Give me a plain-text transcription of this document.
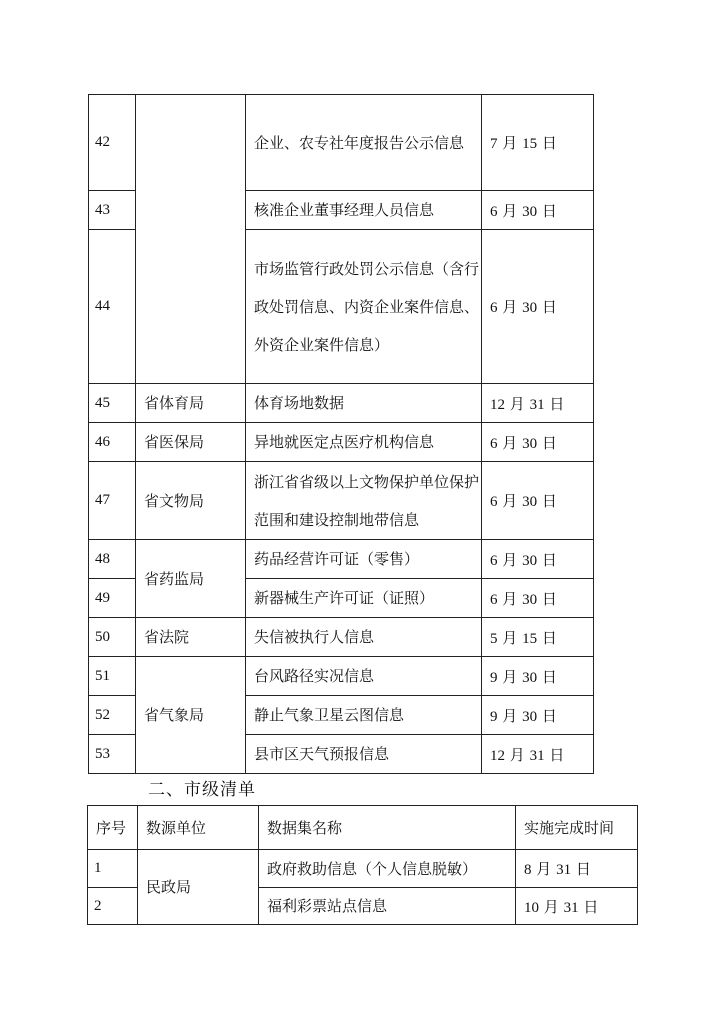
42		企业、农专社年度报告公示信息	7 月 15 日
43		核准企业董事经理人员信息	6 月 30 日
44		市场监管行政处罚公示信息（含行政处罚信息、内资企业案件信息、外资企业案件信息）	6 月 30 日
45	省体育局	体育场地数据	12 月 31 日
46	省医保局	异地就医定点医疗机构信息	6 月 30 日
47	省文物局	浙江省省级以上文物保护单位保护范围和建设控制地带信息	6 月 30 日
48	省药监局	药品经营许可证（零售）	6 月 30 日
49		新器械生产许可证（证照）	6 月 30 日
50	省法院	失信被执行人信息	5 月 15 日
51	省气象局	台风路径实况信息	9 月 30 日
52		静止气象卫星云图信息	9 月 30 日
53		县市区天气预报信息	12 月 31 日
二、市级清单
序号	数源单位	数据集名称	实施完成时间
1	民政局	政府救助信息（个人信息脱敏）	8 月 31 日
2		福利彩票站点信息	10 月 31 日
